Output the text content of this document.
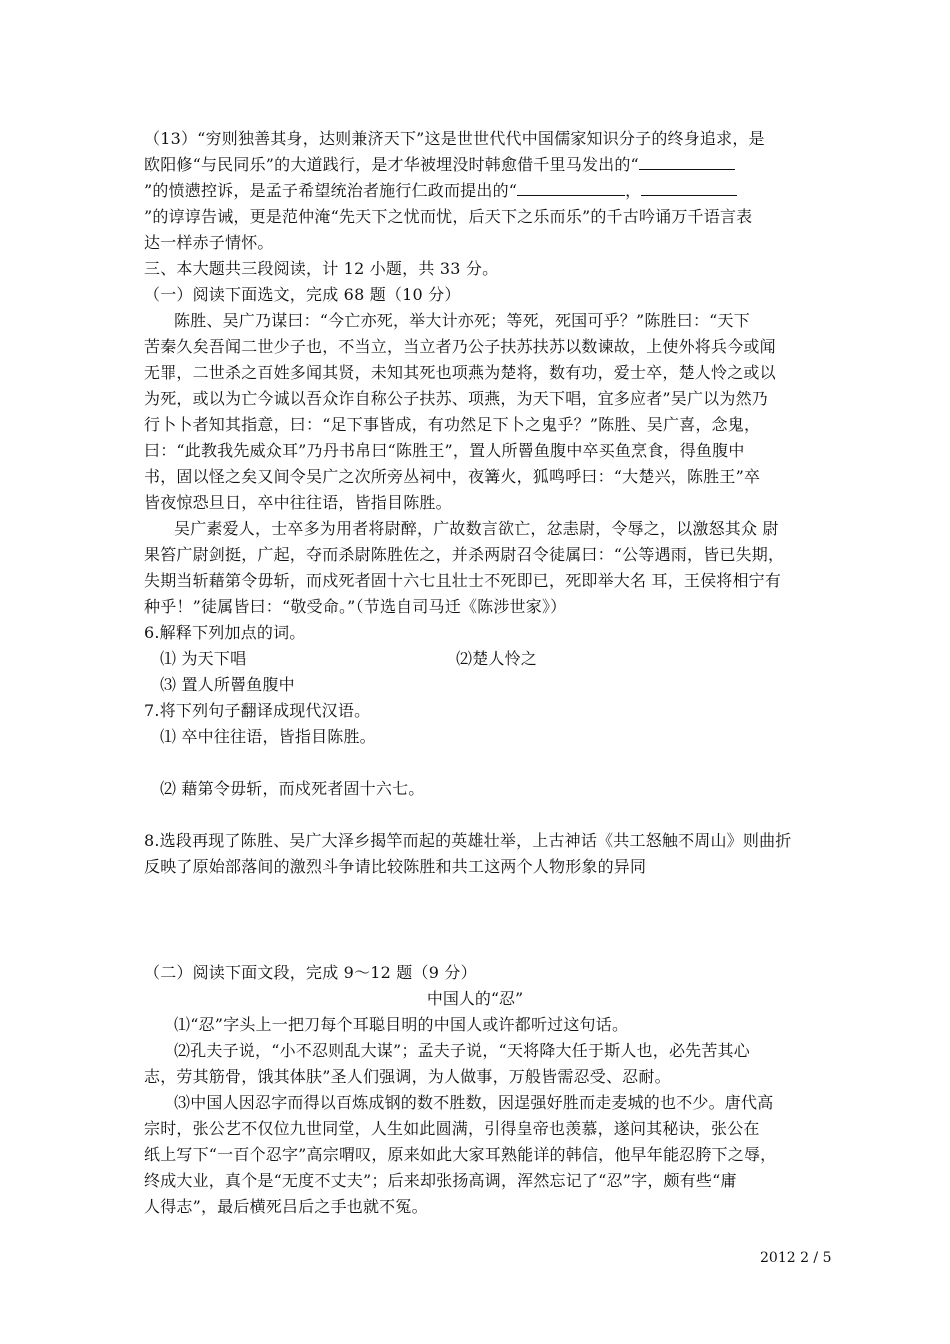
（13）“穷则独善其身，达则兼济天下”这是世世代代中国儒家知识分子的终身追求，是
欧阳修“与民同乐”的大道践行，是才华被埋没时韩愈借千里马发出的“
”的愤懑控诉，是孟子希望统治者施行仁政而提出的“	，
”的谆谆告诫，更是范仲淹“先天下之忧而忧，后天下之乐而乐”的千古吟诵万千语言表
达一样赤子情怀。
三、本大题共三段阅读，计 12 小题，共 33 分。
（一）阅读下面选文，完成 68 题（10 分）
陈胜、吴广乃谋曰：“今亡亦死，举大计亦死；等死，死国可乎？”陈胜曰：“天下
苦秦久矣吾闻二世少子也，不当立，当立者乃公子扶苏扶苏以数谏故，上使外将兵今或闻
无罪，二世杀之百姓多闻其贤，未知其死也项燕为楚将，数有功，爱士卒，楚人怜之或以
为死，或以为亡今诚以吾众诈自称公子扶苏、项燕，为天下唱，宜多应者”吴广以为然乃
行卜卜者知其指意，曰：“足下事皆成，有功然足下卜之鬼乎？”陈胜、吴广喜，念鬼，
曰：“此教我先威众耳”乃丹书帛曰“陈胜王”，置人所罾鱼腹中卒买鱼烹食，得鱼腹中
书，固以怪之矣又间令吴广之次所旁丛祠中，夜篝火，狐鸣呼曰：“大楚兴，陈胜王”卒
皆夜惊恐旦日，卒中往往语，皆指目陈胜。
吴广素爱人，士卒多为用者将尉醉，广故数言欲亡，忿恚尉，令辱之，以激怒其众 尉
果笞广尉剑挺，广起，夺而杀尉陈胜佐之，并杀两尉召令徒属曰：“公等遇雨，皆已失期，
失期当斩藉第令毋斩，而戍死者固十六七且壮士不死即已，死即举大名 耳，王侯将相宁有
种乎！”徒属皆曰：“敬受命。”（节选自司马迁《陈涉世家》）
6.解释下列加点的词。
⑴ 为天下唱	⑵楚人怜之
⑶ 置人所罾鱼腹中
7.将下列句子翻译成现代汉语。
⑴ 卒中往往语，皆指目陈胜。
⑵ 藉第令毋斩，而戍死者固十六七。
8.选段再现了陈胜、吴广大泽乡揭竿而起的英雄壮举，上古神话《共工怒触不周山》则曲折
反映了原始部落间的激烈斗争请比较陈胜和共工这两个人物形象的异同
（二）阅读下面文段，完成 9～12 题（9 分）
中国人的“忍”
⑴“忍”字头上一把刀每个耳聪目明的中国人或许都听过这句话。
⑵孔夫子说，“小不忍则乱大谋”；孟夫子说，“天将降大任于斯人也，必先苦其心
志，劳其筋骨，饿其体肤”圣人们强调，为人做事，万般皆需忍受、忍耐。
⑶中国人因忍字而得以百炼成钢的数不胜数，因逞强好胜而走麦城的也不少。唐代高
宗时，张公艺不仅位九世同堂，人生如此圆满，引得皇帝也羡慕，遂问其秘诀，张公在
纸上写下“一百个忍字”高宗喟叹，原来如此大家耳熟能详的韩信，他早年能忍胯下之辱，
终成大业，真个是“无度不丈夫”；后来却张扬高调，浑然忘记了“忍”字，颇有些“庸
人得志”，最后横死吕后之手也就不冤。
2012 2 / 5
